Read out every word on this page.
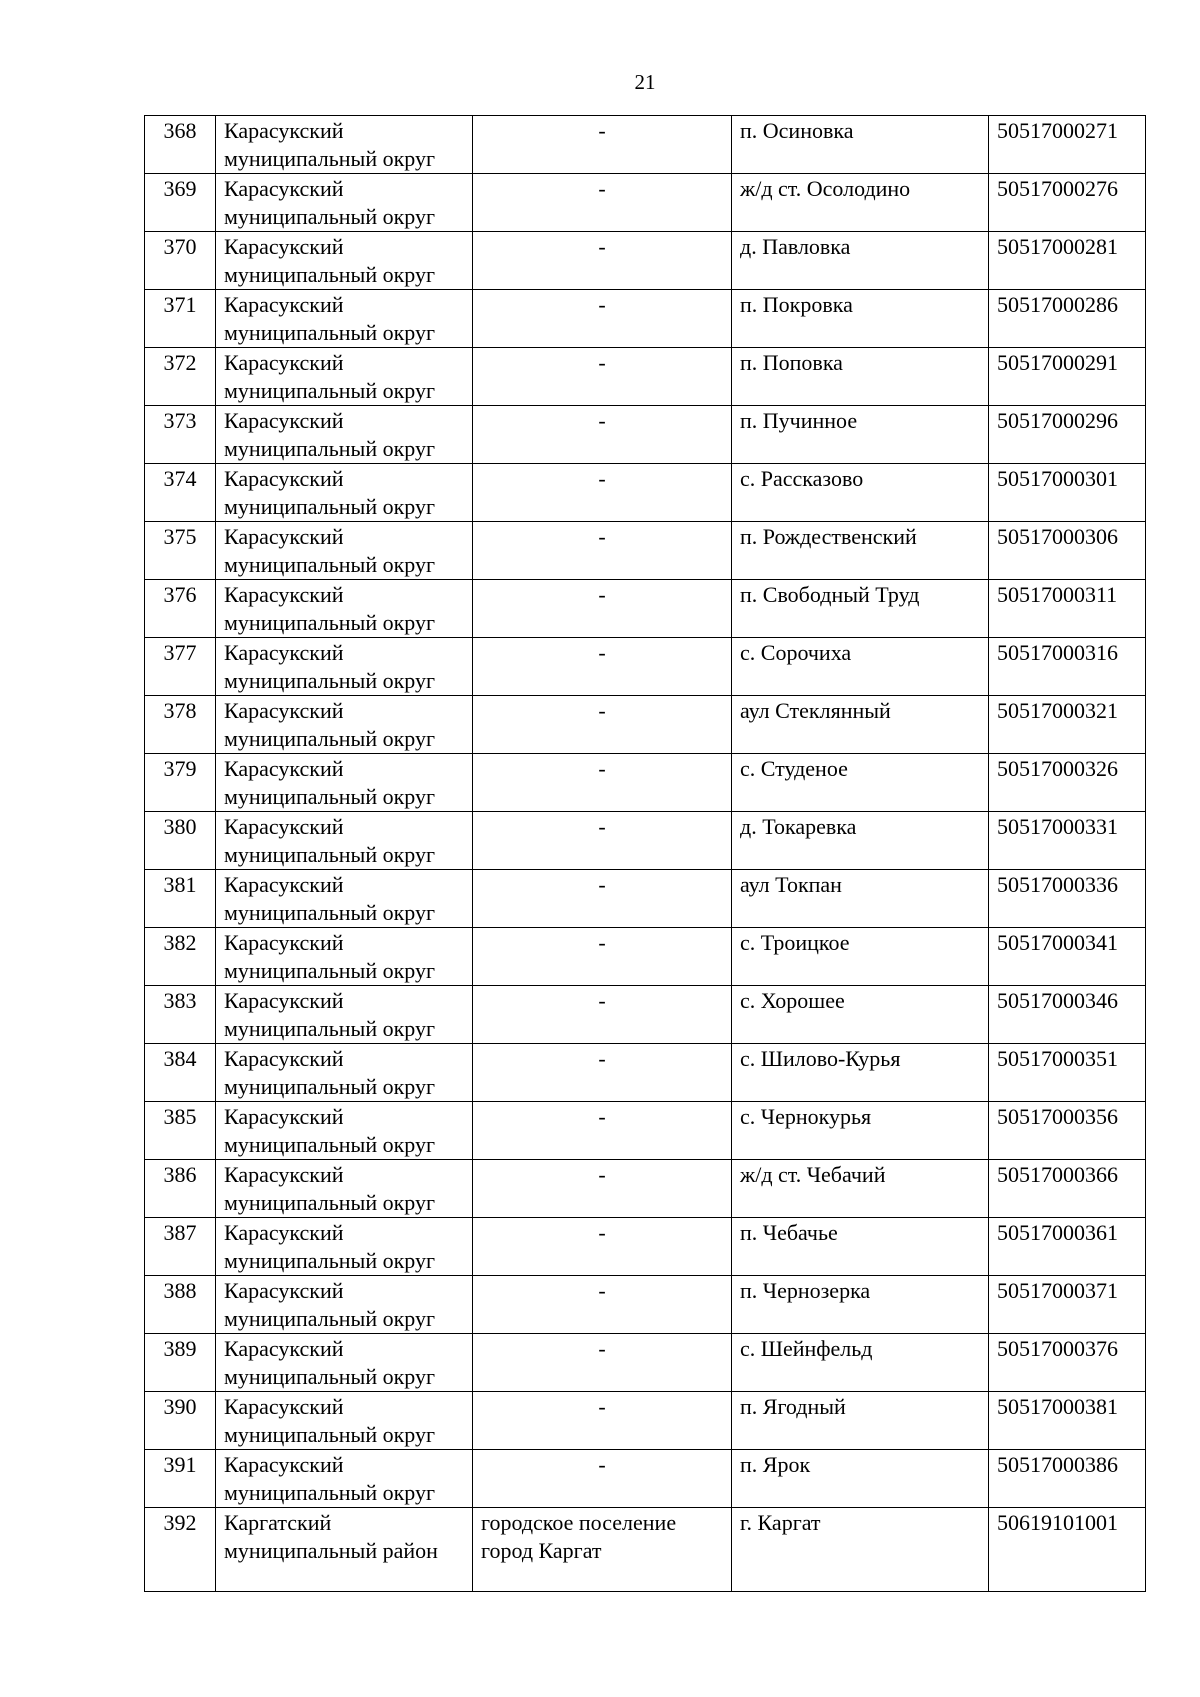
21
368	Карасукский муниципальный округ	-	п. Осиновка	50517000271
369	Карасукский муниципальный округ	-	ж/д ст. Осолодино	50517000276
370	Карасукский муниципальный округ	-	д. Павловка	50517000281
371	Карасукский муниципальный округ	-	п. Покровка	50517000286
372	Карасукский муниципальный округ	-	п. Поповка	50517000291
373	Карасукский муниципальный округ	-	п. Пучинное	50517000296
374	Карасукский муниципальный округ	-	с. Рассказово	50517000301
375	Карасукский муниципальный округ	-	п. Рождественский	50517000306
376	Карасукский муниципальный округ	-	п. Свободный Труд	50517000311
377	Карасукский муниципальный округ	-	с. Сорочиха	50517000316
378	Карасукский муниципальный округ	-	аул Стеклянный	50517000321
379	Карасукский муниципальный округ	-	с. Студеное	50517000326
380	Карасукский муниципальный округ	-	д. Токаревка	50517000331
381	Карасукский муниципальный округ	-	аул Токпан	50517000336
382	Карасукский муниципальный округ	-	с. Троицкое	50517000341
383	Карасукский муниципальный округ	-	с. Хорошее	50517000346
384	Карасукский муниципальный округ	-	с. Шилово-Курья	50517000351
385	Карасукский муниципальный округ	-	с. Чернокурья	50517000356
386	Карасукский муниципальный округ	-	ж/д ст. Чебачий	50517000366
387	Карасукский муниципальный округ	-	п. Чебачье	50517000361
388	Карасукский муниципальный округ	-	п. Чернозерка	50517000371
389	Карасукский муниципальный округ	-	с. Шейнфельд	50517000376
390	Карасукский муниципальный округ	-	п. Ягодный	50517000381
391	Карасукский муниципальный округ	-	п. Ярок	50517000386
392	Каргатский муниципальный район	городское поселение город Каргат	г. Каргат	50619101001
